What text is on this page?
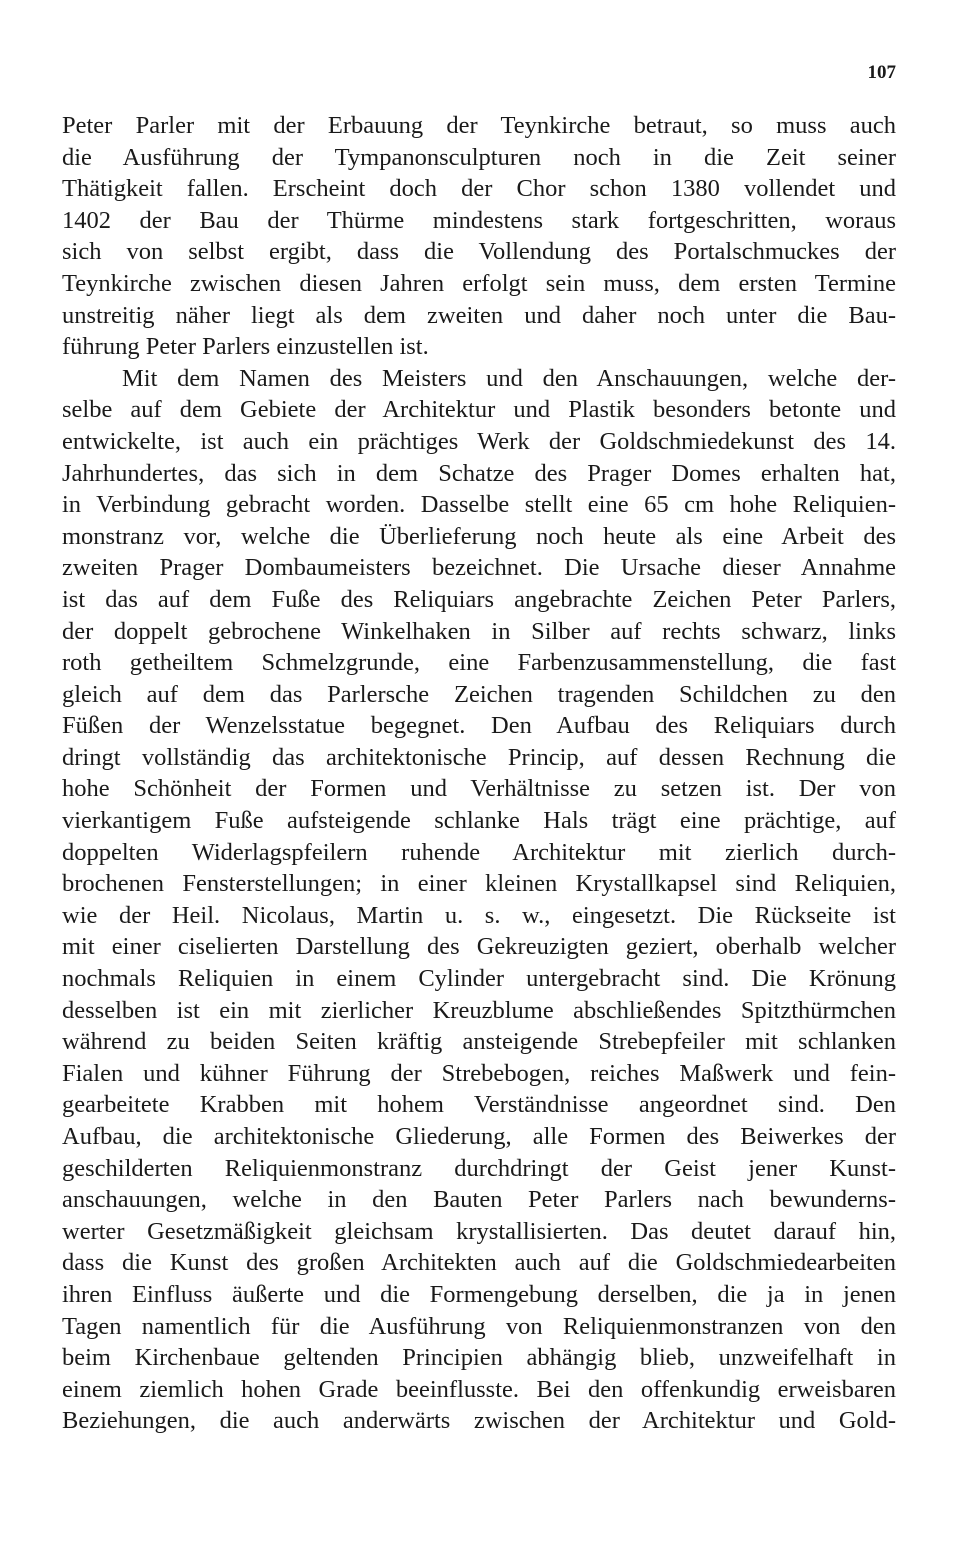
107
Peter Parler mit der Erbauung der Teynkirche betraut, so muss auch
die Ausführung der Tympanonsculpturen noch in die Zeit seiner
Thätigkeit fallen. Erscheint doch der Chor schon 1380 vollendet und
1402 der Bau der Thürme mindestens stark fortgeschritten, woraus
sich von selbst ergibt, dass die Vollendung des Portalschmuckes der
Teynkirche zwischen diesen Jahren erfolgt sein muss, dem ersten Termine
unstreitig näher liegt als dem zweiten und daher noch unter die Bau-
führung Peter Parlers einzustellen ist.
Mit dem Namen des Meisters und den Anschauungen, welche der-
selbe auf dem Gebiete der Architektur und Plastik besonders betonte und
entwickelte, ist auch ein prächtiges Werk der Goldschmiedekunst des 14.
Jahrhundertes, das sich in dem Schatze des Prager Domes erhalten hat,
in Verbindung gebracht worden. Dasselbe stellt eine 65 cm hohe Reliquien-
monstranz vor, welche die Überlieferung noch heute als eine Arbeit des
zweiten Prager Dombaumeisters bezeichnet. Die Ursache dieser Annahme
ist das auf dem Fuße des Reliquiars angebrachte Zeichen Peter Parlers,
der doppelt gebrochene Winkelhaken in Silber auf rechts schwarz, links
roth getheiltem Schmelzgrunde, eine Farbenzusammenstellung, die fast
gleich auf dem das Parlersche Zeichen tragenden Schildchen zu den
Füßen der Wenzelsstatue begegnet. Den Aufbau des Reliquiars durch
dringt vollständig das architektonische Princip, auf dessen Rechnung die
hohe Schönheit der Formen und Verhältnisse zu setzen ist. Der von
vierkantigem Fuße aufsteigende schlanke Hals trägt eine prächtige, auf
doppelten Widerlagspfeilern ruhende Architektur mit zierlich durch-
brochenen Fensterstellungen; in einer kleinen Krystallkapsel sind Reliquien,
wie der Heil. Nicolaus, Martin u. s. w., eingesetzt. Die Rückseite ist
mit einer ciselierten Darstellung des Gekreuzigten geziert, oberhalb welcher
nochmals Reliquien in einem Cylinder untergebracht sind. Die Krönung
desselben ist ein mit zierlicher Kreuzblume abschließendes Spitzthürmchen
während zu beiden Seiten kräftig ansteigende Strebepfeiler mit schlanken
Fialen und kühner Führung der Strebebogen, reiches Maßwerk und fein-
gearbeitete Krabben mit hohem Verständnisse angeordnet sind. Den
Aufbau, die architektonische Gliederung, alle Formen des Beiwerkes der
geschilderten Reliquienmonstranz durchdringt der Geist jener Kunst-
anschauungen, welche in den Bauten Peter Parlers nach bewunderns-
werter Gesetzmäßigkeit gleichsam krystallisierten. Das deutet darauf hin,
dass die Kunst des großen Architekten auch auf die Goldschmiedearbeiten
ihren Einfluss äußerte und die Formengebung derselben, die ja in jenen
Tagen namentlich für die Ausführung von Reliquienmonstranzen von den
beim Kirchenbaue geltenden Principien abhängig blieb, unzweifelhaft in
einem ziemlich hohen Grade beeinflusste. Bei den offenkundig erweisbaren
Beziehungen, die auch anderwärts zwischen der Architektur und Gold-
